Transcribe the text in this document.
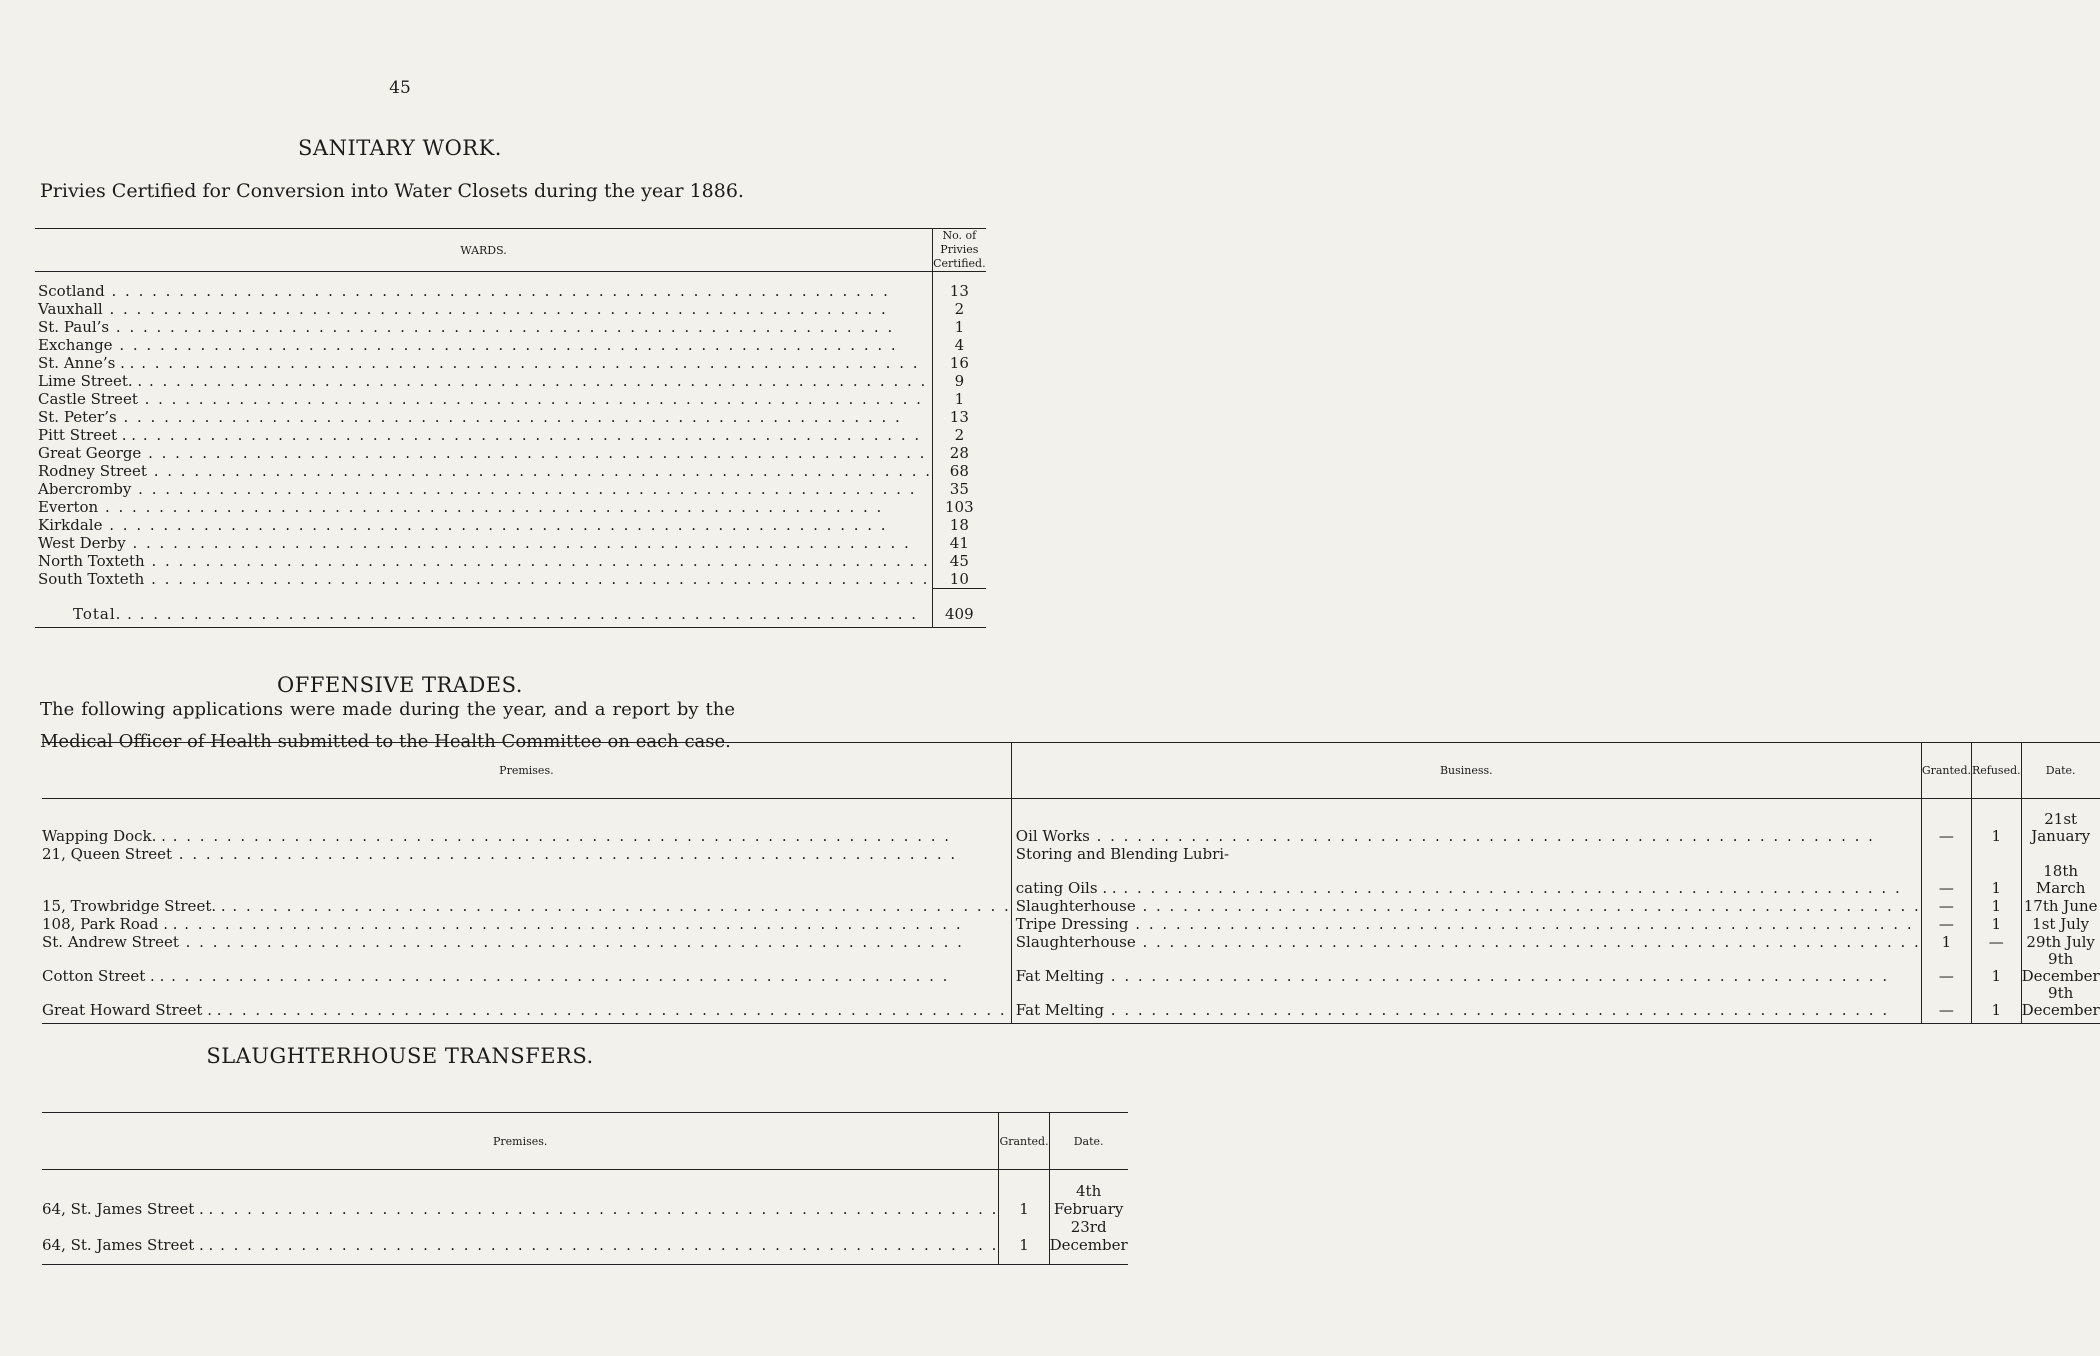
45
SANITARY WORK.
Privies Certified for Conversion into Water Closets during the year 1886.
WARDS.	No. of Privies
Certified.

Scotland . .	13

Vauxhall . .	2

St. Paul’s . .	1

Exchange . .	4

St. Anne’s . . . .	16

Lime Street. . . .	9

Castle Street . .	1

St. Peter’s . .	13

Pitt Street . . . .	2

Great George . .	28

Rodney Street . .	68

Abercromby . .	35

Everton . .	103

Kirkdale . .	18

West Derby . .	41

North Toxteth . .	45

South Toxteth . .	10

Total. . . .	409
OFFENSIVE TRADES.
The following applications were made during the year, and a report by the Medical Officer of Health submitted to the Health Committee on each case.
Premises.	Business.	Granted.	Refused.	Date.

Wapping Dock. . . .	Oil Works . .	—	1	21st January

21, Queen Street . .	Storing and Blending Lubri-			

	cating Oils . . . .	—	1	18th March

15, Trowbridge Street. . . .	Slaughterhouse . .	—	1	17th June

108, Park Road . . . .	Tripe Dressing . .	—	1	1st July

St. Andrew Street . .	Slaughterhouse . .	1	—	29th July

Cotton Street . . . .	Fat Melting . .	—	1	9th December

Great Howard Street . . . .	Fat Melting . .	—	1	9th December
SLAUGHTERHOUSE TRANSFERS.
Premises.	Granted.	Date.

64, St. James Street . . . .	1	4th February

64, St. James Street . . . .	1	23rd December
